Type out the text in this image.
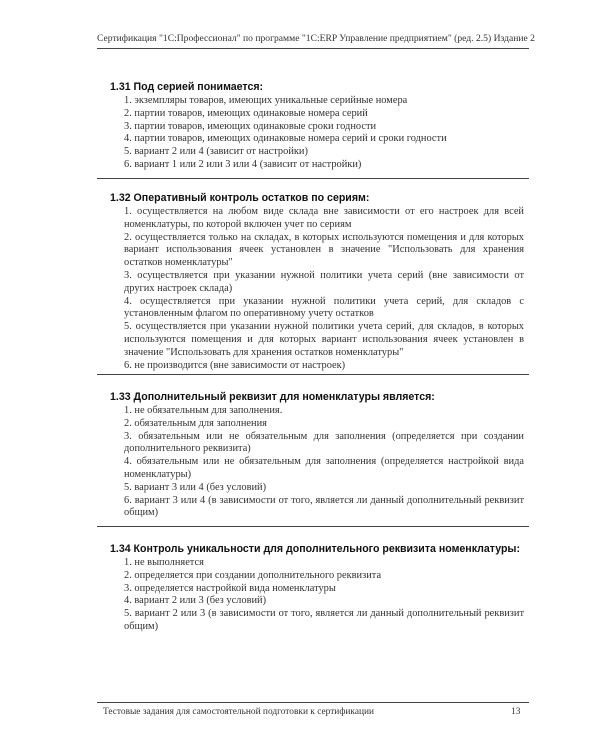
Сертификация "1С:Профессионал" по программе "1С:ERP Управление предприятием" (ред. 2.5) Издание 2
1.31 Под серией понимается:
1. экземпляры товаров, имеющих уникальные серийные номера
2. партии товаров, имеющих одинаковые номера серий
3. партии товаров, имеющих одинаковые сроки годности
4. партии товаров, имеющих одинаковые номера серий и сроки годности
5. вариант 2 или 4 (зависит от настройки)
6. вариант 1 или 2 или 3 или 4 (зависит от настройки)
1.32 Оперативный контроль остатков по сериям:
1. осуществляется на любом виде склада вне зависимости от его настроек для всей номенклатуры, по которой включен учет по сериям
2. осуществляется только на складах, в которых используются помещения и для которых вариант использования ячеек установлен в значение "Использовать для хранения остатков номенклатуры"
3. осуществляется при указании нужной политики учета серий (вне зависимости от других настроек склада)
4. осуществляется при указании нужной политики учета серий, для складов с установленным флагом по оперативному учету остатков
5. осуществляется при указании нужной политики учета серий, для складов, в которых используются помещения и для которых вариант использования ячеек установлен в значение "Использовать для хранения остатков номенклатуры"
6. не производится (вне зависимости от настроек)
1.33 Дополнительный реквизит для номенклатуры является:
1. не обязательным для заполнения.
2. обязательным для заполнения
3. обязательным или не обязательным для заполнения (определяется при создании дополнительного реквизита)
4. обязательным или не обязательным для заполнения (определяется настройкой вида номенклатуры)
5. вариант 3 или 4 (без условий)
6. вариант 3 или 4 (в зависимости от того, является ли данный дополнительный реквизит общим)
1.34 Контроль уникальности для дополнительного реквизита номенклатуры:
1. не выполняется
2. определяется при создании дополнительного реквизита
3. определяется настройкой вида номенклатуры
4. вариант 2 или 3 (без условий)
5. вариант 2 или 3 (в зависимости от того, является ли данный дополнительный реквизит общим)
Тестовые задания для самостоятельной подготовки к сертификации	13
